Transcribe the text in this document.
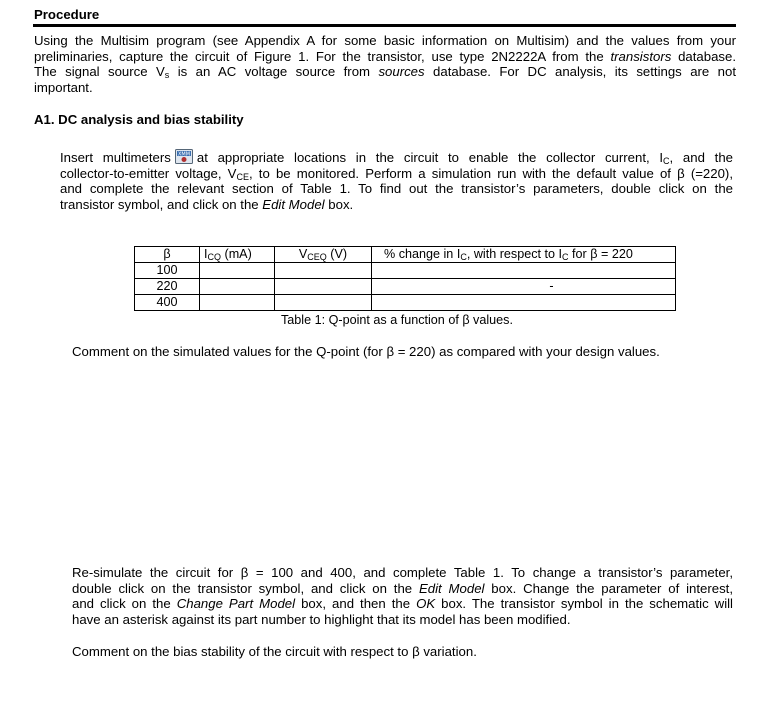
Procedure
Using the Multisim program (see Appendix A for some basic information on Multisim) and the values from your
preliminaries, capture the circuit of Figure 1. For the transistor, use type 2N2222A from the transistors database.
The signal source $V_s$ is an AC voltage source from sources database. For DC analysis, its settings are not
important.
A1. DC analysis and bias stability
Insert multimeters XMM at appropriate locations in the circuit to enable the collector current, $I_C$, and the
collector-to-emitter voltage, $V_{CE}$, to be monitored. Perform a simulation run with the default value of β (=220),
and complete the relevant section of Table 1. To find out the transistor’s parameters, double click on the
transistor symbol, and click on the Edit Model box.
β	$I_{CQ}$ (mA)	$V_{CEQ}$ (V)	% change in $I_C$, with respect to $I_C$ for β = 220
100			
220			-
400			
Table 1: Q-point as a function of β values.
Comment on the simulated values for the Q-point (for β = 220) as compared with your design values.
Re-simulate the circuit for β = 100 and 400, and complete Table 1. To change a transistor’s parameter,
double click on the transistor symbol, and click on the Edit Model box. Change the parameter of interest,
and click on the Change Part Model box, and then the OK box. The transistor symbol in the schematic will
have an asterisk against its part number to highlight that its model has been modified.
Comment on the bias stability of the circuit with respect to β variation.
